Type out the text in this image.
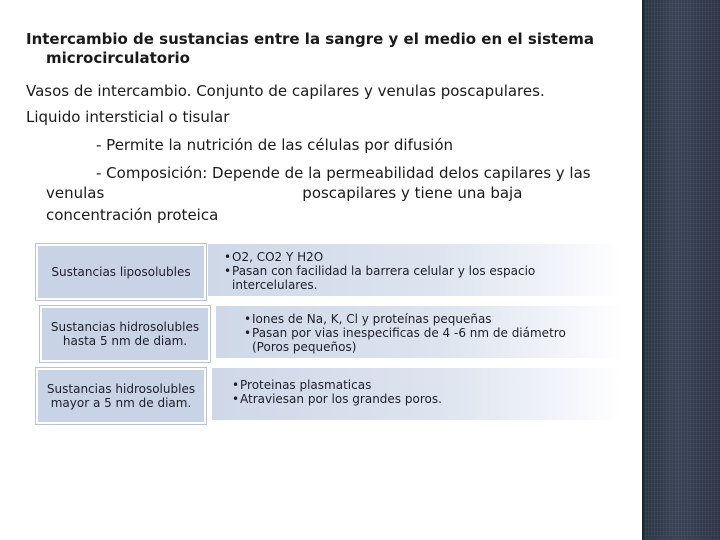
Intercambio de sustancias entre la sangre y el medio en el sistema
microcirculatorio

Vasos de intercambio. Conjunto de capilares y venulas poscapulares.
Liquido intersticial o tisular
- Permite la nutrición de las células por difusión
- Composición: Depende de la permeabilidad delos capilares y las
venulas	poscapilares y tiene una baja
concentración proteica
Sustancias liposolubles
• O2, CO2 Y H2O
• Pasan con facilidad la barrera celular y los espacio
intercelulares.
Sustancias hidrosolubles hasta 5 nm de diam.
• Iones de Na, K, Cl y proteínas pequeñas
• Pasan por vias inespecificas de 4 -6 nm de diámetro
(Poros pequeños)
Sustancias hidrosolubles mayor a 5 nm de diam.
• Proteinas plasmaticas
• Atraviesan por los grandes poros.
